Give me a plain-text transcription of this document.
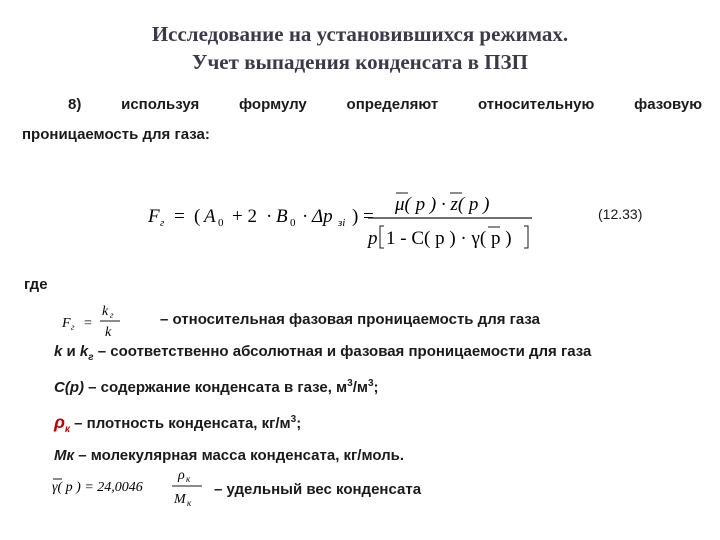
Исследование на установившихся режимах.
Учет выпадения конденсата в ПЗП
8) используя формулу определяют относительную фазовую
проницаемость для газа:
F г = ( A 0 + 2 · B 0 · Δp зi ) =
μ( p ) · z( p )
p 1 - C( p ) · γ( p )
(12.33)
где
F г =
k г
k
– относительная фазовая проницаемость для газа
k и $k_г$ – соответственно абсолютная и фазовая проницаемости для газа
С(р) – содержание конденсата в газе, $м^3/м^3$;
$\rho_к$ – плотность конденсата, $кг/м^3$;
Мк – молекулярная масса конденсата, кг/моль.
γ( p ) = 24,0046
ρ к
M к
– удельный вес конденсата
